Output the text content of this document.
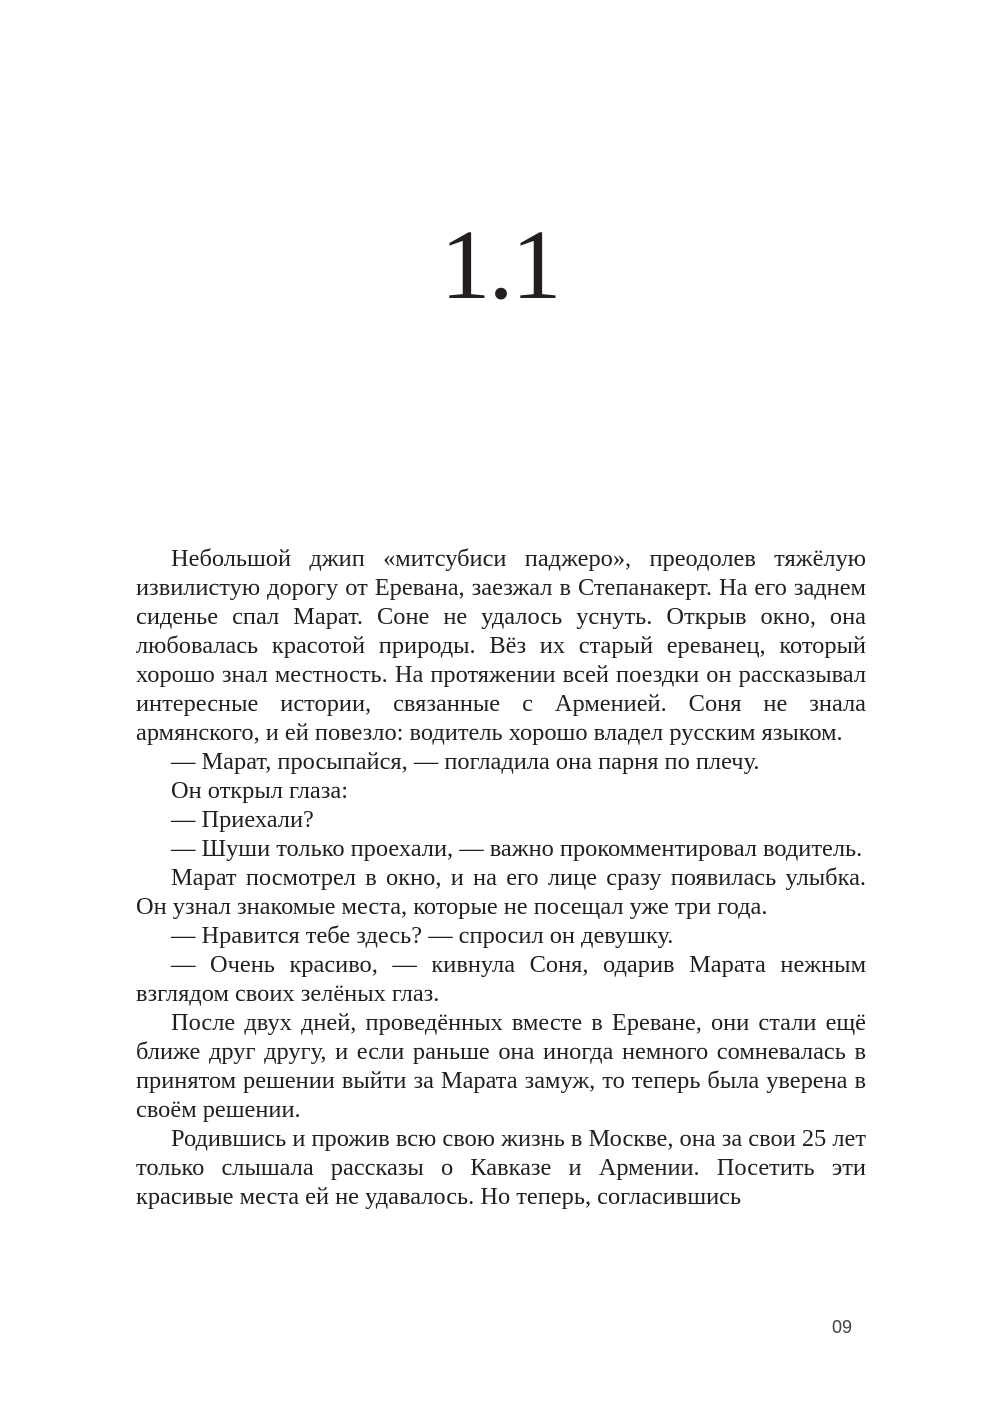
1.1

Небольшой джип «митсубиси паджеро», преодолев тяжёлую извилистую дорогу от Еревана, заезжал в Степанакерт. На его заднем сиденье спал Марат. Соне не удалось уснуть. Открыв окно, она любовалась красотой природы. Вёз их старый ереванец, который хорошо знал местность. На протяжении всей поездки он рассказывал интересные истории, связанные с Арменией. Соня не знала армянского, и ей повезло: водитель хорошо владел русским языком.

— Марат, просыпайся, — погладила она парня по плечу.

Он открыл глаза:

— Приехали?

— Шуши только проехали, — важно прокомментировал водитель.

Марат посмотрел в окно, и на его лице сразу появилась улыбка. Он узнал знакомые места, которые не посещал уже три года.

— Нравится тебе здесь? — спросил он девушку.

— Очень красиво, — кивнула Соня, одарив Марата нежным взглядом своих зелёных глаз.

После двух дней, проведённых вместе в Ереване, они стали ещё ближе друг другу, и если раньше она иногда немного сомневалась в принятом решении выйти за Марата замуж, то теперь была уверена в своём решении.

Родившись и прожив всю свою жизнь в Москве, она за свои 25 лет только слышала рассказы о Кавказе и Армении. Посетить эти красивые места ей не удавалось. Но теперь, согласившись

09
